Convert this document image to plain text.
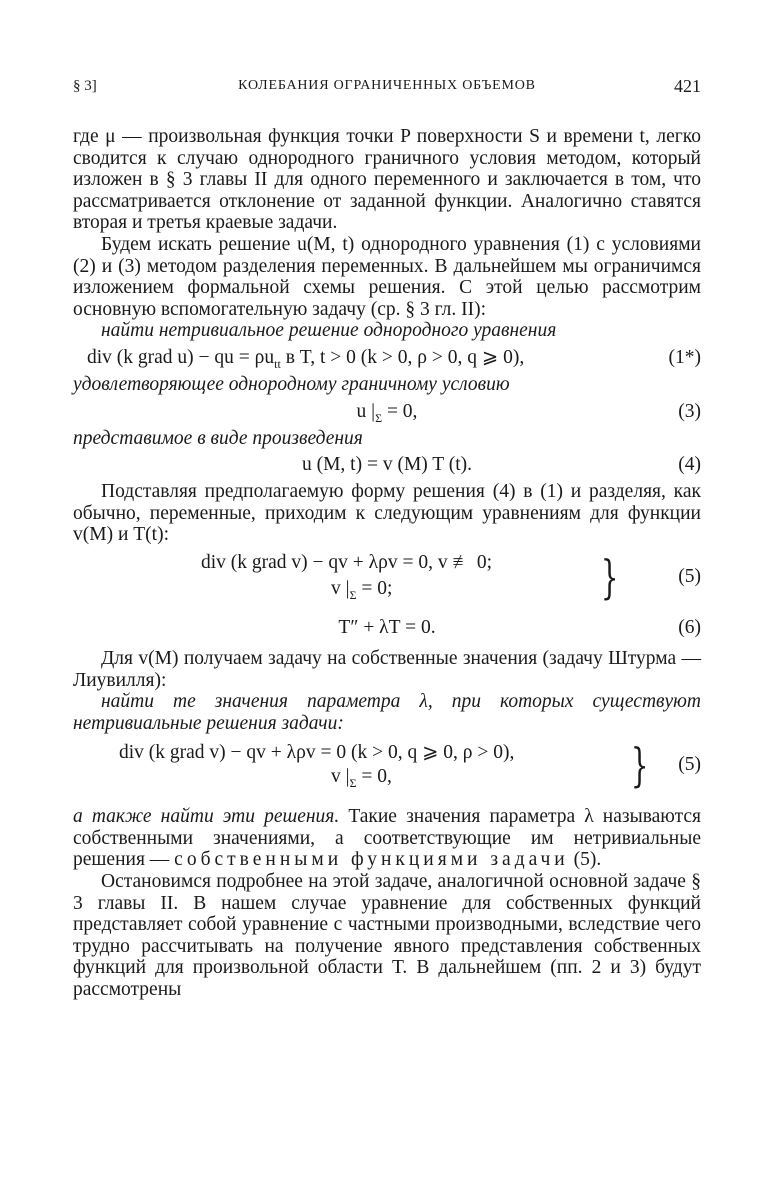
§ 3]	КОЛЕБАНИЯ ОГРАНИЧЕННЫХ ОБЪЕМОВ	421

где μ — произвольная функция точки P поверхности S и времени t, легко сводится к случаю однородного граничного условия методом, который изложен в § 3 главы II для одного переменного и заключается в том, что рассматривается отклонение от заданной функции. Аналогично ставятся вторая и третья краевые задачи.

Будем искать решение u(M, t) однородного уравнения (1) с условиями (2) и (3) методом разделения переменных. В дальнейшем мы ограничимся изложением формальной схемы решения. С этой целью рассмотрим основную вспомогательную задачу (ср. § 3 гл. II):

найти нетривиальное решение однородного уравнения

div (k grad u) − qu = $\rho u_{tt}$ в T, t > 0 (k > 0, ρ > 0, q ⩾ 0),	(1*)

удовлетворяющее однородному граничному условию

u $|_\Sigma = 0$,	(3)

представимое в виде произведения

u (M, t) = v (M) T (t).	(4)

Подставляя предполагаемую форму решения (4) в (1) и разделяя, как обычно, переменные, приходим к следующим уравнениям для функции v(M) и T(t):

div (k grad v) − qv + λρv = 0, v ≢ 0;
v $|_\Sigma = 0$;	}	(5)
T″ + λT = 0.	(6)

Для v(M) получаем задачу на собственные значения (задачу Штурма — Лиувилля):

найти те значения параметра λ, при которых существуют нетривиальные решения задачи:

div (k grad v) − qv + λρv = 0 (k > 0, q ⩾ 0, ρ > 0),
v $|_\Sigma = 0$,	} (5)

а также найти эти решения. Такие значения параметра λ называются собственными значениями, а соответствующие им нетривиальные решения — собственными функциями задачи (5).

Остановимся подробнее на этой задаче, аналогичной основной задаче § 3 главы II. В нашем случае уравнение для собственных функций представляет собой уравнение с частными производными, вследствие чего трудно рассчитывать на получение явного представления собственных функций для произвольной области T. В дальнейшем (пп. 2 и 3) будут рассмотрены
